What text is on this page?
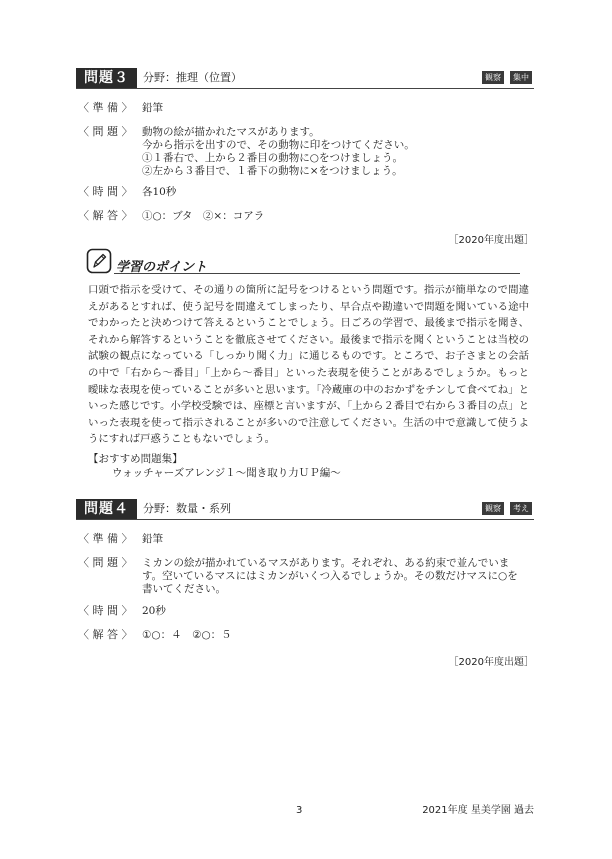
問題３	分野：推理（位置）	観察	集中
〈 準 備 〉 鉛筆
〈 問 題 〉 動物の絵が描かれたマスがあります。
今から指示を出すので、その動物に印をつけてください。
①１番右で、上から２番目の動物に○をつけましょう。
②左から３番目で、１番下の動物に×をつけましょう。
〈 時 間 〉 各10秒
〈 解 答 〉 ①○：ブタ　②×：コアラ
［2020年度出題］
学習のポイント
口頭で指示を受けて、その通りの箇所に記号をつけるという問題です。指示が簡単なので間違えがあるとすれば、使う記号を間違えてしまったり、早合点や勘違いで問題を聞いている途中でわかったと決めつけて答えるということでしょう。日ごろの学習で、最後まで指示を聞き、それから解答するということを徹底させてください。最後まで指示を聞くということは当校の試験の観点になっている「しっかり聞く力」に通じるものです。ところで、お子さまとの会話の中で「右から～番目」「上から～番目」といった表現を使うことがあるでしょうか。もっと曖昧な表現を使っていることが多いと思います。「冷蔵庫の中のおかずをチンして食べてね」といった感じです。小学校受験では、座標と言いますが、「上から２番目で右から３番目の点」といった表現を使って指示されることが多いので注意してください。生活の中で意識して使うようにすれば戸惑うこともないでしょう。
【おすすめ問題集】
ウォッチャーズアレンジ１～聞き取り力ＵＰ編～
問題４	分野：数量・系列	観察	考え
〈 準 備 〉 鉛筆
〈 問 題 〉 ミカンの絵が描かれているマスがあります。それぞれ、ある約束で並んでいま
す。空いているマスにはミカンがいくつ入るでしょうか。その数だけマスに○を
書いてください。
〈 時 間 〉 20秒
〈 解 答 〉 ①○：４　②○：５
［2020年度出題］
3	2021年度 星美学園 過去
